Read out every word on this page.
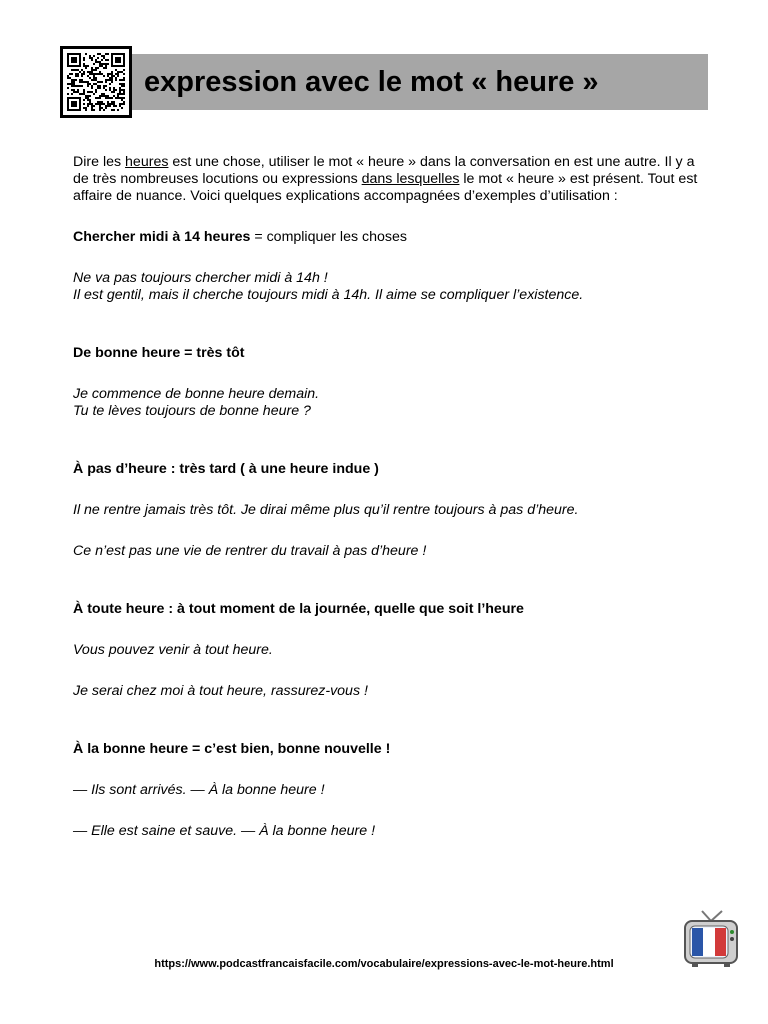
expression avec le mot « heure »

Dire les heures est une chose, utiliser le mot « heure » dans la conversation en est une autre. Il y a de très nombreuses locutions ou expressions dans lesquelles le mot « heure » est présent. Tout est affaire de nuance. Voici quelques explications accompagnées d’exemples d’utilisation :

Chercher midi à 14 heures = compliquer les choses

Ne va pas toujours chercher midi à 14h !

Il est gentil, mais il cherche toujours midi à 14h. Il aime se compliquer l’existence.

De bonne heure = très tôt

Je commence de bonne heure demain.

Tu te lèves toujours de bonne heure ?

À pas d’heure : très tard ( à une heure indue )

Il ne rentre jamais très tôt. Je dirai même plus qu’il rentre toujours à pas d’heure.

Ce n’est pas une vie de rentrer du travail à pas d’heure !

À toute heure : à tout moment de la journée, quelle que soit l’heure

Vous pouvez venir à tout heure.

Je serai chez moi à tout heure, rassurez-vous !

À la bonne heure = c’est bien, bonne nouvelle !

— Ils sont arrivés. — À la bonne heure !

— Elle est saine et sauve. — À la bonne heure !

https://www.podcastfrancaisfacile.com/vocabulaire/expressions-avec-le-mot-heure.html
